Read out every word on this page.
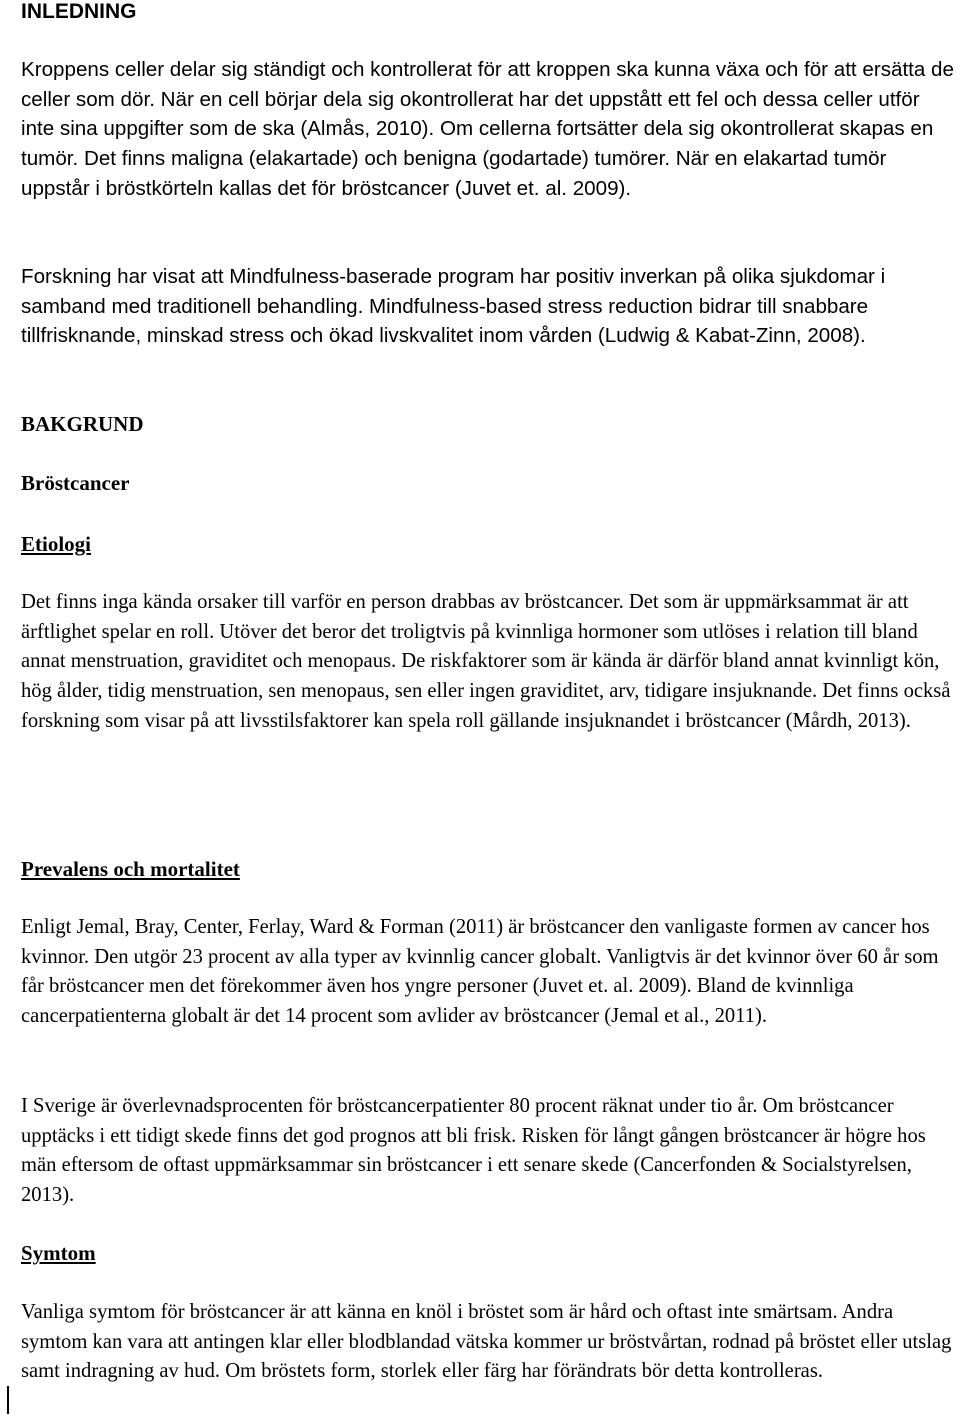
INLEDNING

Kroppens celler delar sig ständigt och kontrollerat för att kroppen ska kunna växa och för att ersätta de celler som dör. När en cell börjar dela sig okontrollerat har det uppstått ett fel och dessa celler utför inte sina uppgifter som de ska (Almås, 2010). Om cellerna fortsätter dela sig okontrollerat skapas en tumör. Det finns maligna (elakartade) och benigna (godartade) tumörer. När en elakartad tumör uppstår i bröstkörteln kallas det för bröstcancer (Juvet et. al. 2009).

Forskning har visat att Mindfulness-baserade program har positiv inverkan på olika sjukdomar i samband med traditionell behandling. Mindfulness-based stress reduction bidrar till snabbare tillfrisknande, minskad stress och ökad livskvalitet inom vården (Ludwig & Kabat-Zinn, 2008).

BAKGRUND
Bröstcancer
Etiologi

Det finns inga kända orsaker till varför en person drabbas av bröstcancer. Det som är uppmärksammat är att ärftlighet spelar en roll. Utöver det beror det troligtvis på kvinnliga hormoner som utlöses i relation till bland annat menstruation, graviditet och menopaus. De riskfaktorer som är kända är därför bland annat kvinnligt kön, hög ålder, tidig menstruation, sen menopaus, sen eller ingen graviditet, arv, tidigare insjuknande. Det finns också forskning som visar på att livsstilsfaktorer kan spela roll gällande insjuknandet i bröstcancer (Mårdh, 2013).

Prevalens och mortalitet

Enligt Jemal, Bray, Center, Ferlay, Ward & Forman (2011) är bröstcancer den vanligaste formen av cancer hos kvinnor. Den utgör 23 procent av alla typer av kvinnlig cancer globalt. Vanligtvis är det kvinnor över 60 år som får bröstcancer men det förekommer även hos yngre personer (Juvet et. al. 2009). Bland de kvinnliga cancerpatienterna globalt är det 14 procent som avlider av bröstcancer (Jemal et al., 2011).

I Sverige är överlevnadsprocenten för bröstcancerpatienter 80 procent räknat under tio år. Om bröstcancer upptäcks i ett tidigt skede finns det god prognos att bli frisk. Risken för långt gången bröstcancer är högre hos män eftersom de oftast uppmärksammar sin bröstcancer i ett senare skede (Cancerfonden & Socialstyrelsen, 2013).

Symtom

Vanliga symtom för bröstcancer är att känna en knöl i bröstet som är hård och oftast inte smärtsam. Andra symtom kan vara att antingen klar eller blodblandad vätska kommer ur bröstvårtan, rodnad på bröstet eller utslag samt indragning av hud. Om bröstets form, storlek eller färg har förändrats bör detta kontrolleras.
